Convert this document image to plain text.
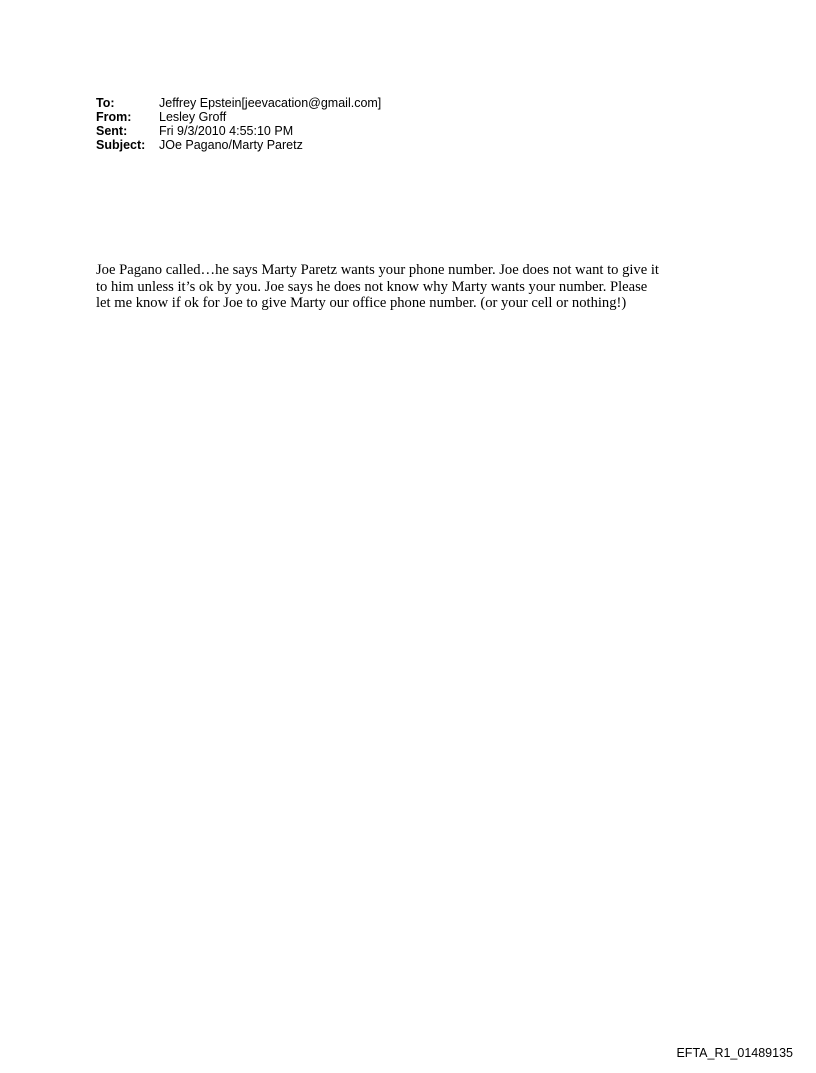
To:	Jeffrey Epstein[jeevacation@gmail.com]
From:	Lesley Groff
Sent:	Fri 9/3/2010 4:55:10 PM
Subject:	JOe Pagano/Marty Paretz
Joe Pagano called…he says Marty Paretz wants your phone number. Joe does not want to give it
to him unless it’s ok by you. Joe says he does not know why Marty wants your number. Please
let me know if ok for Joe to give Marty our office phone number. (or your cell or nothing!)
EFTA_R1_01489135
